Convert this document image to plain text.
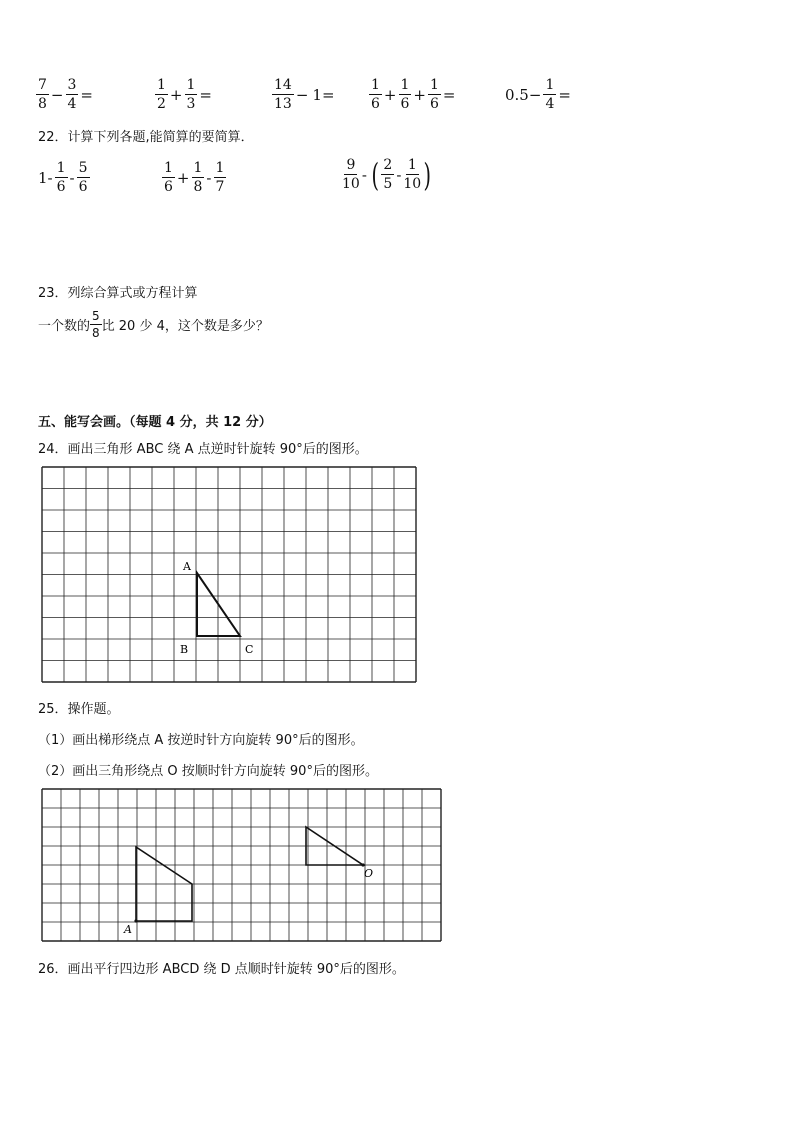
$\frac{7}{8} - \frac{3}{4}$ =	$\frac{1}{2} + \frac{1}{3}$ =	$\frac{14}{13} - 1= \frac{1}{6} + \frac{1}{6} + \frac{1}{6}$ =	$0.5- \frac{1}{4}$ =
22．计算下列各题,能简算的要简算．
$1- \frac{1}{6} - \frac{5}{6}$	$\frac{1}{6} + \frac{1}{8} - \frac{1}{7}$	$\frac{9}{10}$ - ( $\frac{2}{5} - \frac{1}{10}$ )
23．列综合算式或方程计算
一个数的 $\frac{5}{8}$ 比 20 少 4，这个数是多少？
五、能写会画。（每题 4 分，共 12 分）
24．画出三角形 ABC 绕 A 点逆时针旋转 90°后的图形。
A
B	C
25．操作题。
（1）画出梯形绕点 A 按逆时针方向旋转 90°后的图形。
（2）画出三角形绕点 O 按顺时针方向旋转 90°后的图形。
A
O
26．画出平行四边形 ABCD 绕 D 点顺时针旋转 90°后的图形。
